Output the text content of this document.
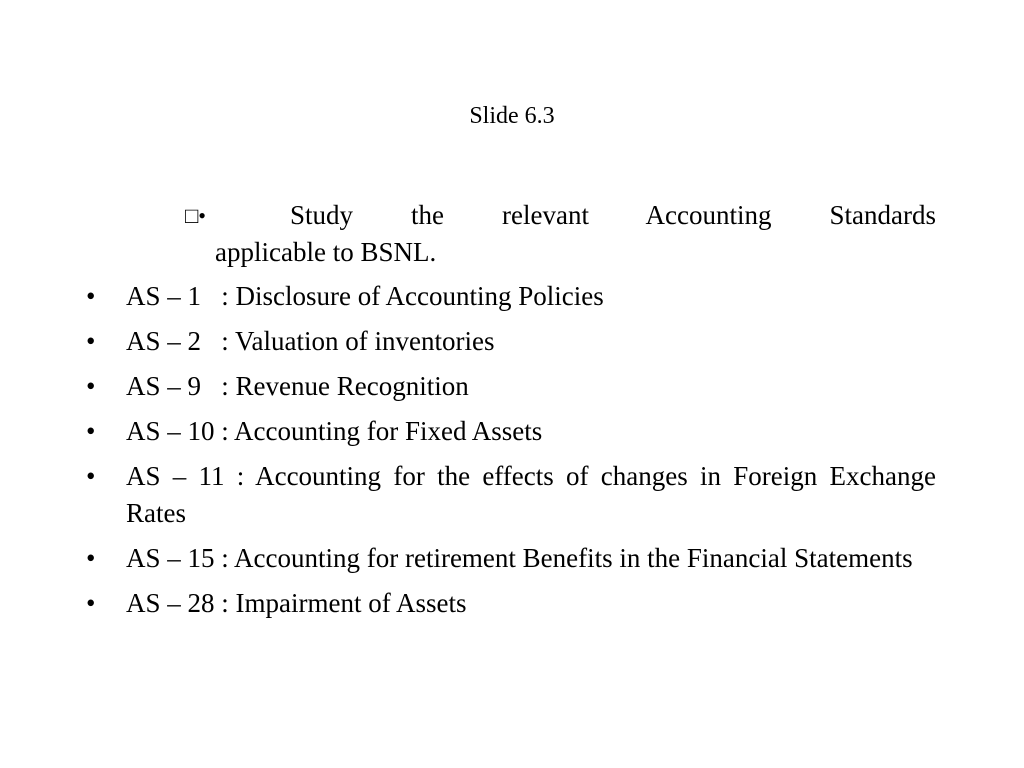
Slide 6.3
□•	Study the relevant Accounting Standards
applicable to BSNL.
• AS – 1   : Disclosure of Accounting Policies
• AS – 2   : Valuation of inventories
• AS – 9   : Revenue Recognition
• AS – 10 : Accounting for Fixed Assets
• AS – 11 : Accounting for the effects of changes in Foreign Exchange Rates
• AS – 15 : Accounting for retirement Benefits in the Financial Statements
• AS – 28 : Impairment of Assets
